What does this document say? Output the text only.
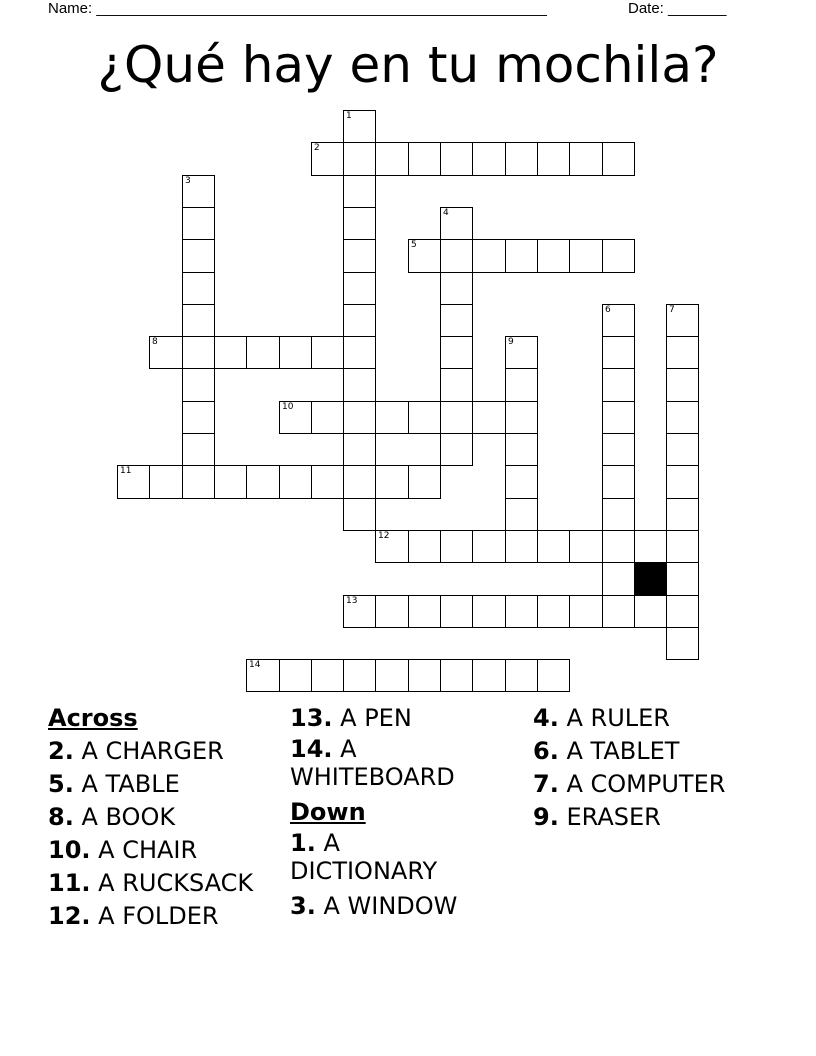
Name: ______________________________________________________	Date: _______
¿Qué hay en tu mochila?
1
2
3
4
5
6	7
8	9
10
11
12
13
14
Across
2. A CHARGER
5. A TABLE
8. A BOOK
10. A CHAIR
11. A RUCKSACK
12. A FOLDER
13. A PEN
14. A WHITEBOARD
Down
1. A DICTIONARY
3. A WINDOW
4. A RULER
6. A TABLET
7. A COMPUTER
9. ERASER
